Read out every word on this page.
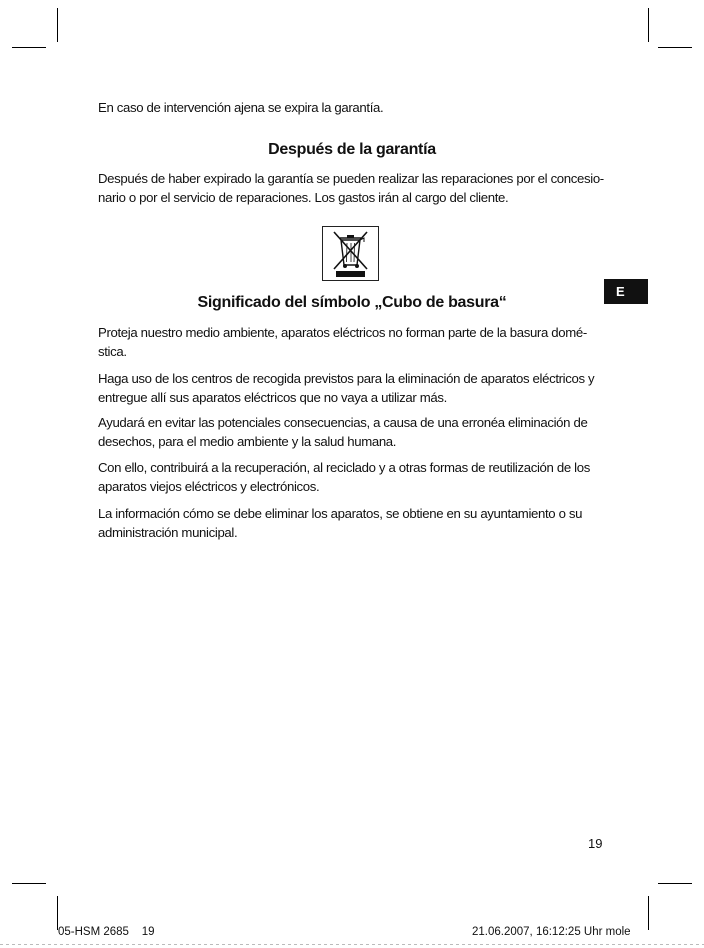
En caso de intervención ajena se expira la garantía.

Después de la garantía

Después de haber expirado la garantía se pueden realizar las reparaciones por el concesio-nario o por el servicio de reparaciones. Los gastos irán al cargo del cliente.

E
Significado del símbolo „Cubo de basura“

Proteja nuestro medio ambiente, aparatos eléctricos no forman parte de la basura domé-stica.

Haga uso de los centros de recogida previstos para la eliminación de aparatos eléctricos y entregue allí sus aparatos eléctricos que no vaya a utilizar más.

Ayudará en evitar las potenciales consecuencias, a causa de una erronéa eliminación de desechos, para el medio ambiente y la salud humana.

Con ello, contribuirá a la recuperación, al reciclado y a otras formas de reutilización de los aparatos viejos eléctricos y electrónicos.

La información cómo se debe eliminar los aparatos, se obtiene en su ayuntamiento o su administración municipal.

19
05-HSM 2685    19	21.06.2007, 16:12:25 Uhr mole
